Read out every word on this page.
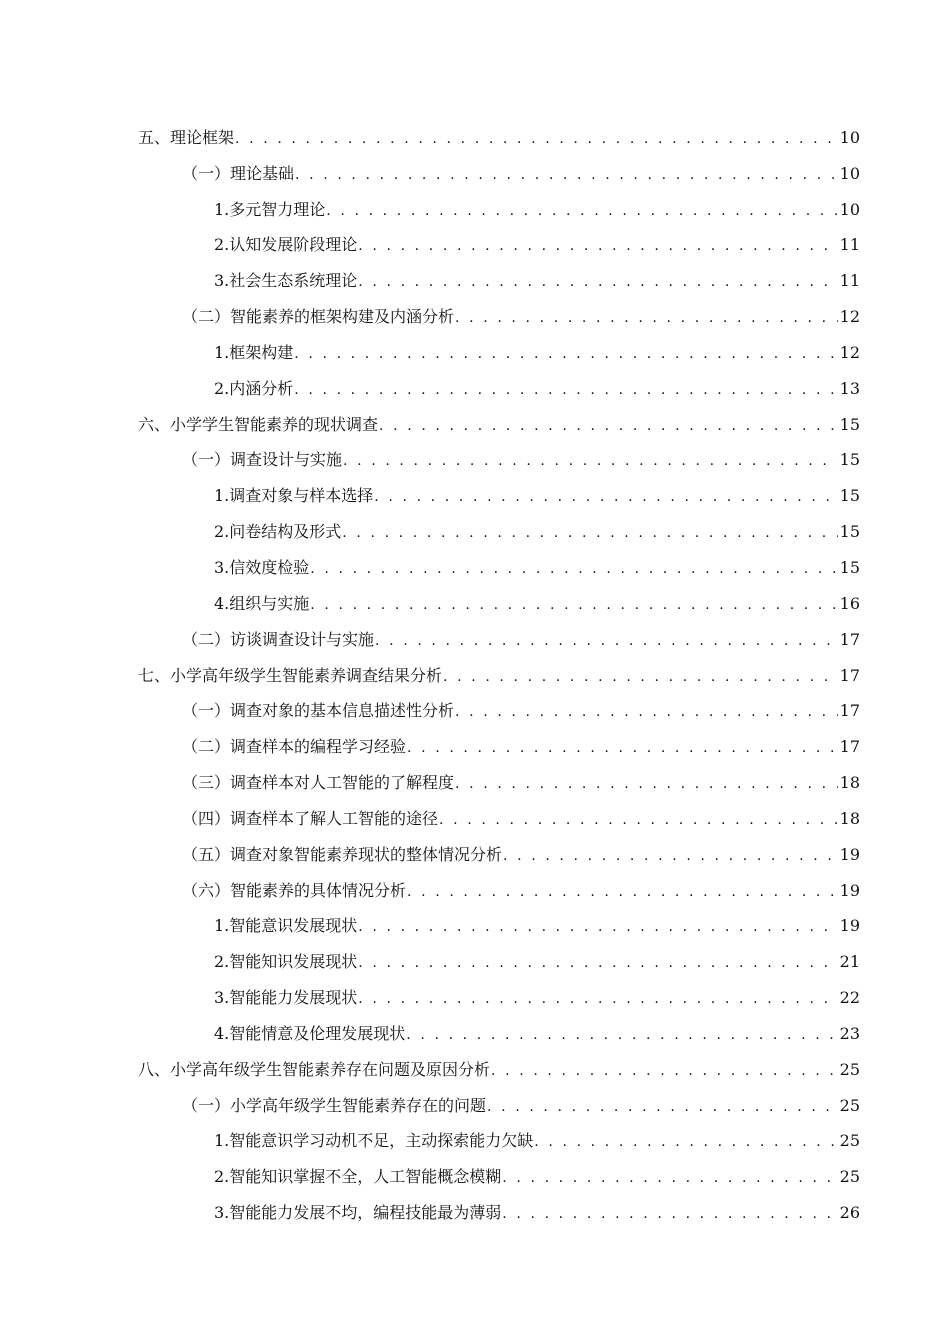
五、理论框架 . . .	10
（一）理论基础 . . .	10
1.多元智力理论 . . .	10
2.认知发展阶段理论 . . .	11
3.社会生态系统理论 . . .	11
（二）智能素养的框架构建及内涵分析 . . .	12
1.框架构建 . . .	12
2.内涵分析 . . .	13
六、小学学生智能素养的现状调查 . . .	15
（一）调查设计与实施 . . .	15
1.调查对象与样本选择 . . .	15
2.问卷结构及形式 . . .	15
3.信效度检验 . . .	15
4.组织与实施 . . .	16
（二）访谈调查设计与实施 . . .	17
七、小学高年级学生智能素养调查结果分析 . . .	17
（一）调查对象的基本信息描述性分析 . . .	17
（二）调查样本的编程学习经验 . . .	17
（三）调查样本对人工智能的了解程度 . . .	18
（四）调查样本了解人工智能的途径 . . .	18
（五）调查对象智能素养现状的整体情况分析 . . .	19
（六）智能素养的具体情况分析 . . .	19
1.智能意识发展现状 . . .	19
2.智能知识发展现状 . . .	21
3.智能能力发展现状 . . .	22
4.智能情意及伦理发展现状 . . .	23
八、小学高年级学生智能素养存在问题及原因分析 . . .	25
（一）小学高年级学生智能素养存在的问题 . . .	25
1.智能意识学习动机不足，主动探索能力欠缺 . . .	25
2.智能知识掌握不全，人工智能概念模糊 . . .	25
3.智能能力发展不均，编程技能最为薄弱 . . .	26
